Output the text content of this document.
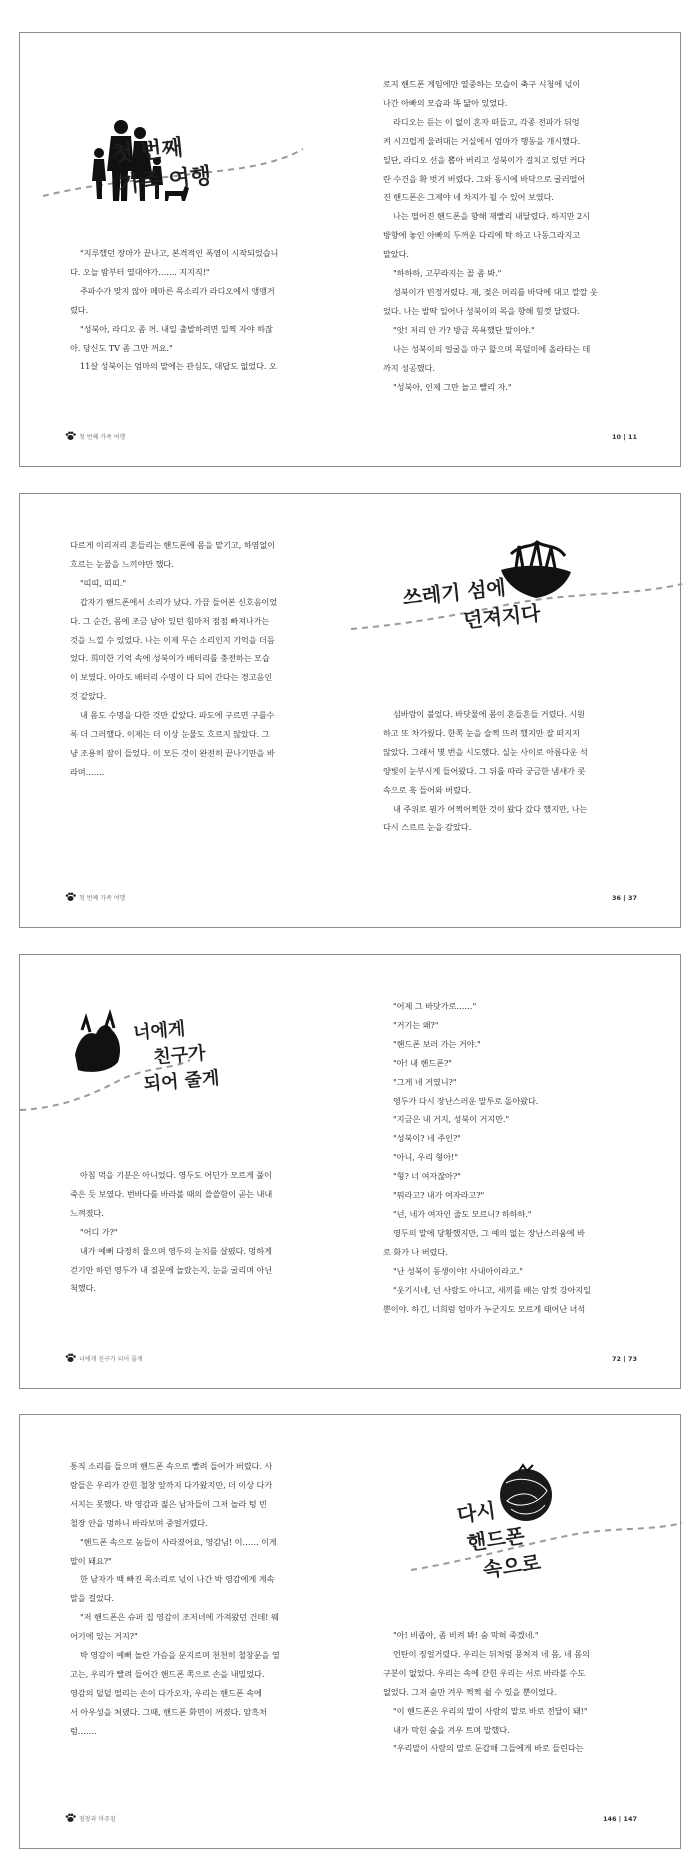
첫 번째
가족 여행

"지루했던 장마가 끝나고, 본격적인 폭염이 시작되었습니

다. 오늘 밤부터 열대야가……. 지지직!"

주파수가 맞지 않아 메마른 목소리가 라디오에서 앵앵거

렸다.

"성북아, 라디오 좀 꺼. 내일 출발하려면 일찍 자야 하잖

아. 당신도 TV 좀 그만 꺼요."

11살 성북이는 엄마의 말에는 관심도, 대답도 없었다. 오

첫 번째 가족 여행

로지 핸드폰 게임에만 열중하는 모습이 축구 시청에 넋이

나간 아빠의 모습과 똑 닮아 있었다.

라디오는 듣는 이 없이 혼자 떠들고, 각종 전파가 뒤엉

켜 시끄럽게 울려대는 거실에서 엄마가 행동을 개시했다.

일단, 라디오 선을 뽑아 버리고 성북이가 걸치고 있던 커다

란 수건을 확 벗겨 버렸다. 그와 동시에 바닥으로 굴러떨어

진 핸드폰은 그제야 네 차지가 될 수 있어 보였다.

나는 떨어진 핸드폰을 향해 재빨리 내달렸다. 하지만 2시

방향에 놓인 아빠의 두꺼운 다리에 탁 하고 나동그라지고

말았다.

"하하하, 고꾸라지는 꼴 좀 봐."

성북이가 빈정거렸다. 재, 젖은 머리를 바닥에 대고 깔깔 웃

었다. 나는 발딱 일어나 성북이의 목을 향해 힘껏 달렸다.

"앗! 저리 안 가? 방금 목욕했단 말이야."

나는 성북이의 얼굴을 마구 핥으며 목덜미에 올라타는 데

까지 성공했다.

"성북아, 인제 그만 놀고 빨리 자."

10 | 11

다르게 이리저리 흔들리는 핸드폰에 몸을 맡기고, 하염없이

흐르는 눈물을 느끼야만 했다.

"띠띠, 띠띠."

갑자기 핸드폰에서 소리가 났다. 가끔 들어본 신호음이었

다. 그 순간, 몸에 조금 남아 있던 힘마저 점점 빠져나가는

것을 느낄 수 있었다. 나는 이제 무슨 소리인지 기억을 더듬

었다. 희미한 기억 속에 성북이가 배터리를 충전하는 모습

이 보였다. 아마도 배터리 수명이 다 되어 간다는 경고음인

것 같았다.

내 몸도 수명을 다한 것만 같았다. 파도에 구르면 구를수

록 더 그러했다. 이제는 더 이상 눈물도 흐르지 않았다. 그

냥 조용히 잠이 들었다. 이 모든 것이 완전히 끝나기만을 바

라며…….

첫 번째 가족 여행
쓰레기 섬에
던져지다

심바람이 불었다. 바닷물에 몸이 흔들흔들 거렸다. 시원

하고 또 차가웠다. 한쪽 눈을 슬쩍 뜨려 했지만 잘 떠지지

않았다. 그래서 몇 번을 시도했다. 실눈 사이로 아름다운 석

양빛이 눈부시게 들어왔다. 그 뒤를 따라 궁금한 냄새가 콧

속으로 훅 들어와 버렸다.

내 주위로 뭔가 어쩍어쩍한 것이 왔다 갔다 했지만, 나는

다시 스르르 눈을 감았다.

36 | 37
너에게
친구가
되어 줄게

아침 먹을 기분은 아니었다. 영두도 어딘가 모르게 풀이

죽은 듯 보였다. 번바다를 바라볼 때의 쓸쓸함이 곧는 내내

느껴졌다.

"어디 가?"

내가 예뻐 다정히 물으며 영두의 눈치를 살폈다. 멍하게

걷기만 하던 영두가 내 질문에 놀랐는지, 눈을 굴리며 아닌

척했다.

너에게 친구가 되어 줄게

"어제 그 바닷가로……"

"거기는 왜?"

"핸드폰 보러 가는 거야."

"아! 내 핸드폰?"

"그게 네 거였니?"

영두가 다시 장난스러운 말투로 돌아왔다.

"지금은 내 거지, 성북이 거지만."

"성북이? 네 주인?"

"아니, 우리 형아!"

"형? 너 여자잖아?"

"뭐라고? 내가 여자라고?"

"넌, 네가 여자인 줄도 모르니? 하하하."

영두의 말에 당황했지만, 그 예의 없는 장난스러움에 바

로 화가 나 버렸다.

"난 성북이 동생이야! 사내아이라고."

"웃기시네, 넌 사람도 아니고, 새끼를 배는 암컷 강아지일

뿐이야. 하긴, 너희럼 엄마가 누군지도 모르게 태어난 녀석

72 | 73

통직 소리를 들으며 핸드폰 속으로 빨려 들어가 버렸다. 사

람들은 우리가 갇힌 철창 앞까지 다가왔지만, 더 이상 다가

서지는 못했다. 박 영감과 젊은 남자들이 그저 놀라 텅 빈

철장 안을 멍하니 바라보며 중얼거렸다.

"핸드폰 속으로 놈들이 사라졌어요, 영감님! 이…… 이게

말이 돼요?"

한 남자가 백 빠진 목소리로 넋이 나간 박 영감에게 계속

말을 걸었다.

"저 핸드폰은 슈퍼 집 영감이 조저녀에 가져왔던 건데! 웨

어기에 있는 거지?"

박 영감이 예뻐 놀란 가슴을 문지르며 천천히 철창문을 열

고는, 우리가 빨려 들어간 핸드폰 쪽으로 손을 내밀었다.

영감의 덜덜 떨리는 손이 다가오자, 우리는 핸드폰 속에

서 아우성을 쳐댔다. 그때, 핸드폰 화면이 꺼졌다. 암흑처

럼…….

철창과 마주침
다시
핸드폰
속으로

"아! 비좁아, 좀 비켜 봐! 숨 막혀 죽겠네."

언탄이 징얼거렸다. 우리는 뒤처럼 뭉쳐져 네 몸, 네 몸의

구분이 없었다. 우리는 속에 갇힌 우리는 서로 바라볼 수도

없었다. 그저 숨만 겨우 쩍쩍 쉴 수 있을 뿐이었다.

"이 핸드폰은 우리의 말이 사람의 말로 바로 전달이 돼!"

내가 막힌 숨을 겨우 트며 말했다.

"우리말이 사람의 말로 둔갑해 그들에게 바로 들린다는

146 | 147
